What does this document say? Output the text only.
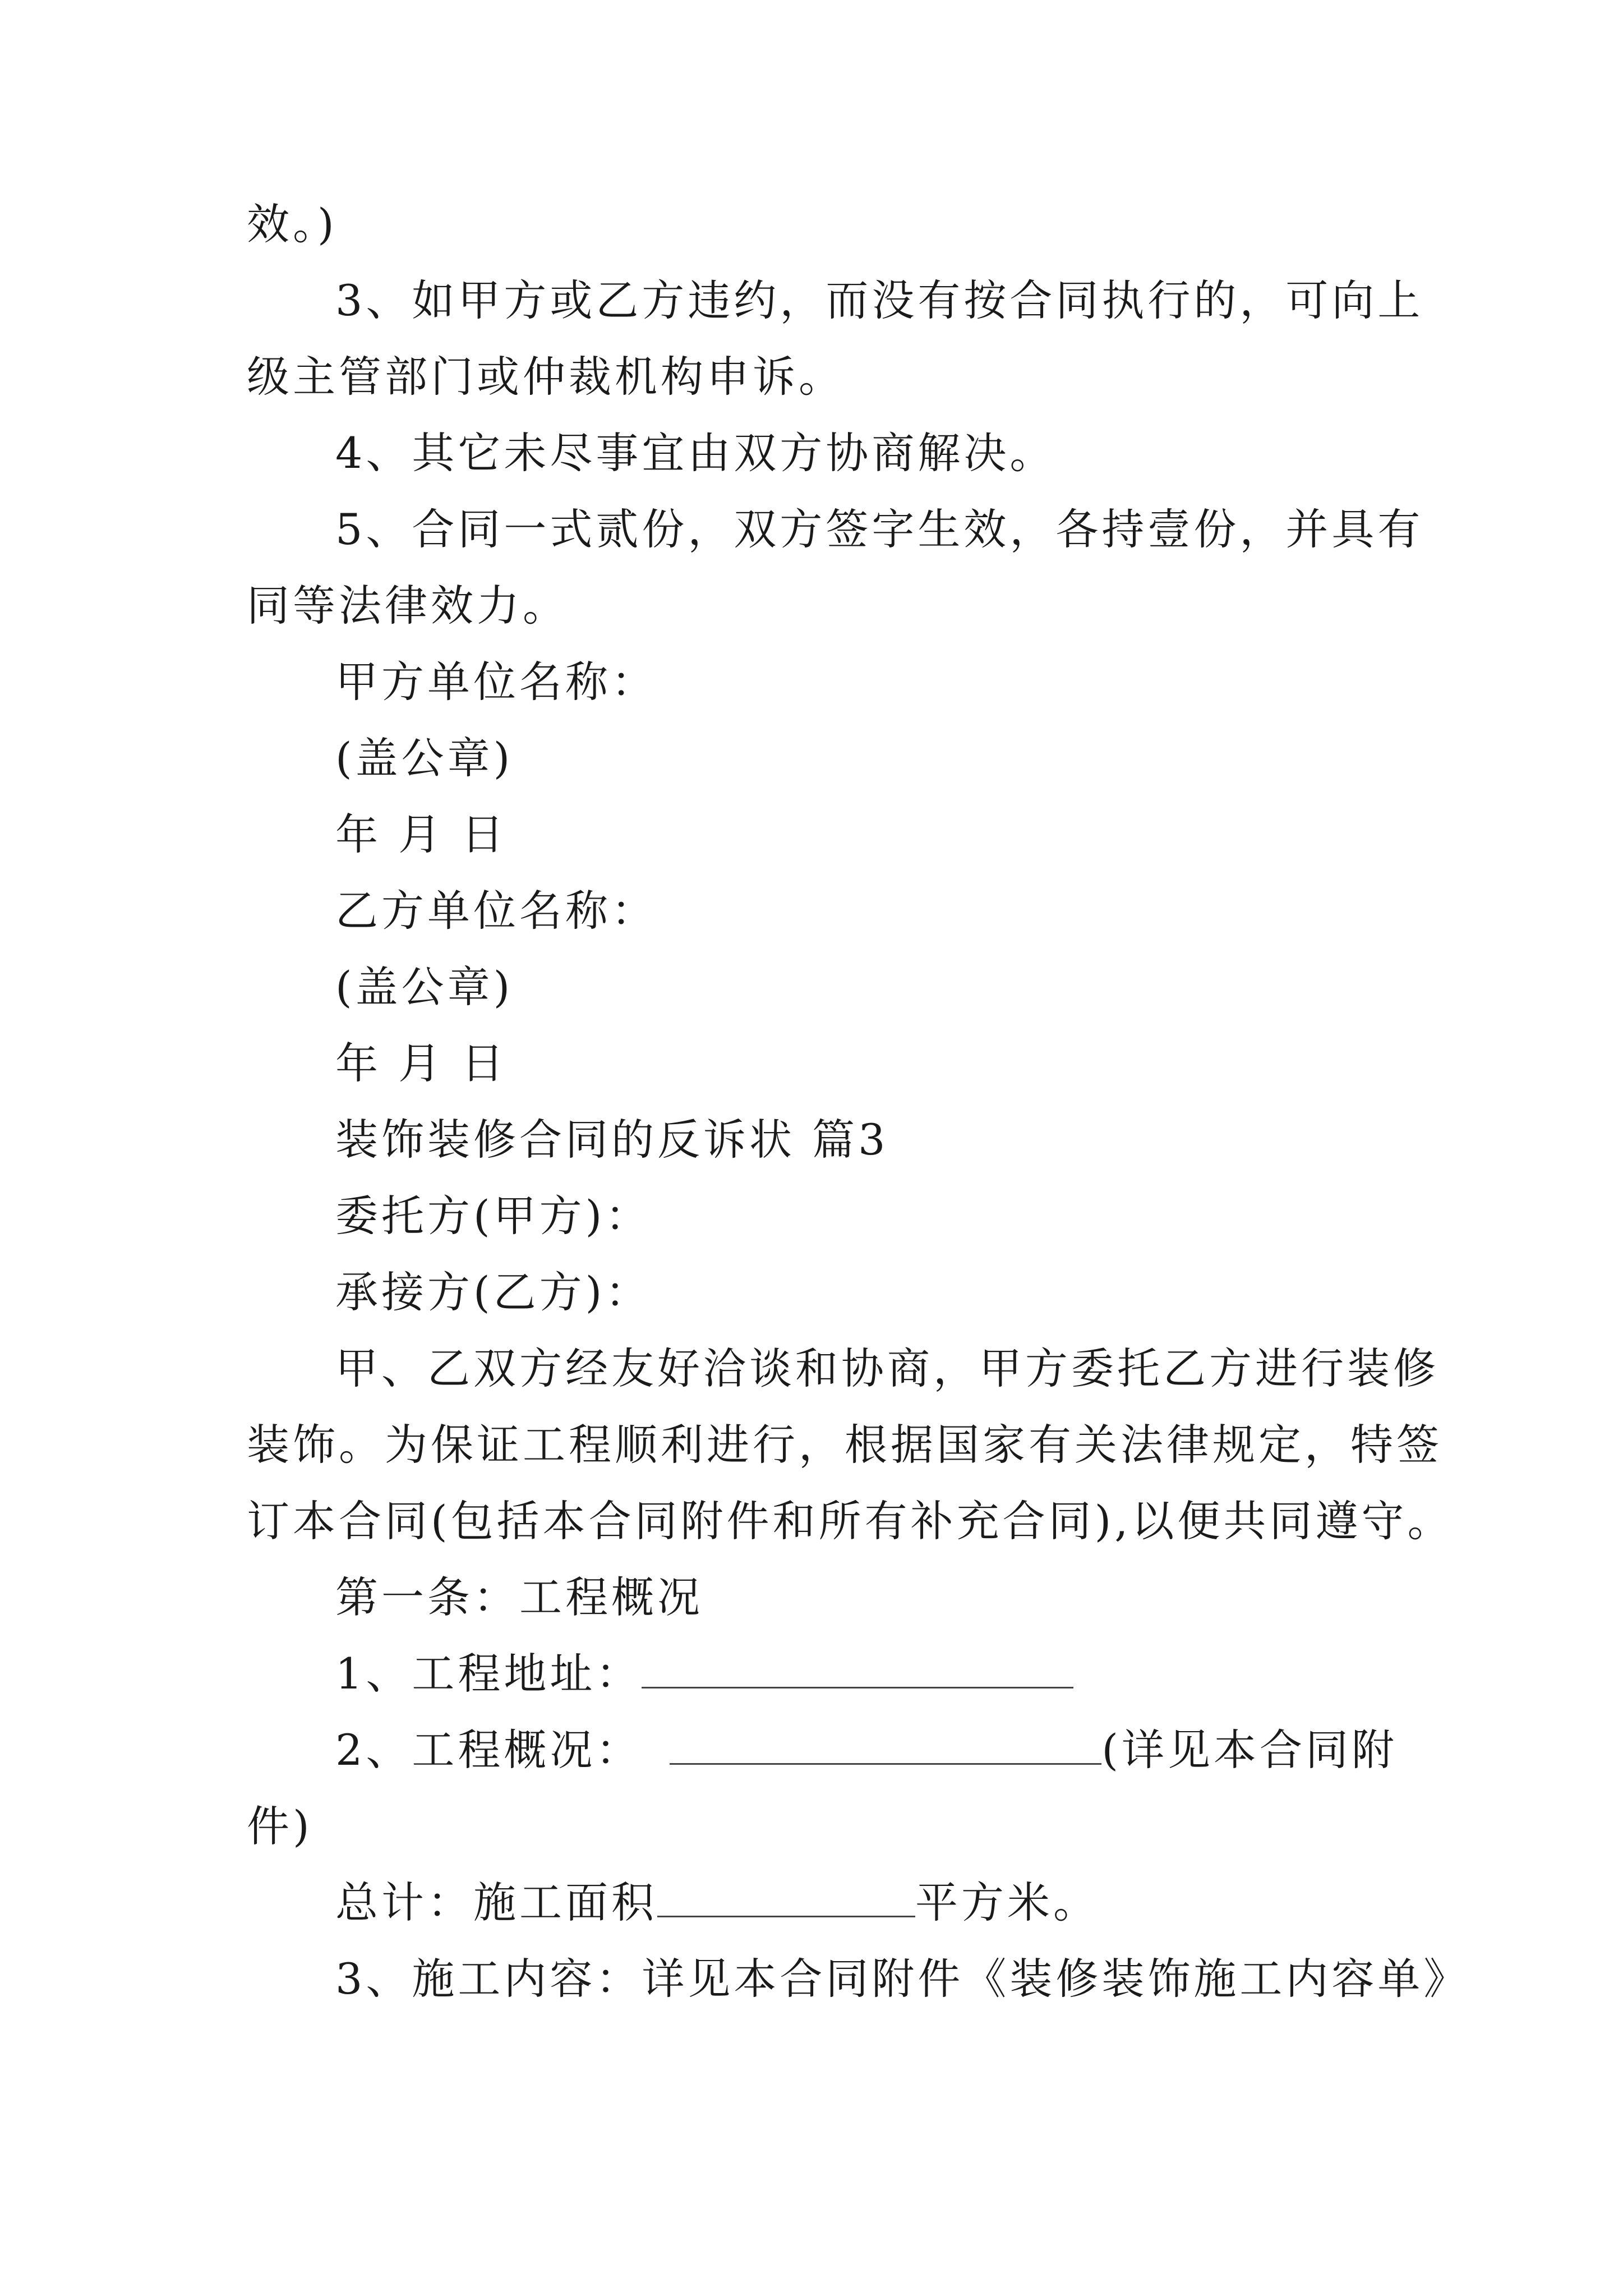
效。)
3、如甲方或乙方违约，而没有按合同执行的，可向上
级主管部门或仲裁机构申诉。
4、其它未尽事宜由双方协商解决。
5、合同一式贰份，双方签字生效，各持壹份，并具有
同等法律效力。
甲方单位名称：
(盖公章)
年 月 日
乙方单位名称：
(盖公章)
年 月 日
装饰装修合同的反诉状 篇3
委托方(甲方)：
承接方(乙方)：
甲、乙双方经友好洽谈和协商，甲方委托乙方进行装修
装饰。为保证工程顺利进行，根据国家有关法律规定，特签
订本合同(包括本合同附件和所有补充合同),以便共同遵守。
第一条：工程概况
1、工程地址：
2、工程概况：	(详见本合同附
件)
总计：施工面积	平方米。
3、施工内容：详见本合同附件《装修装饰施工内容单》
